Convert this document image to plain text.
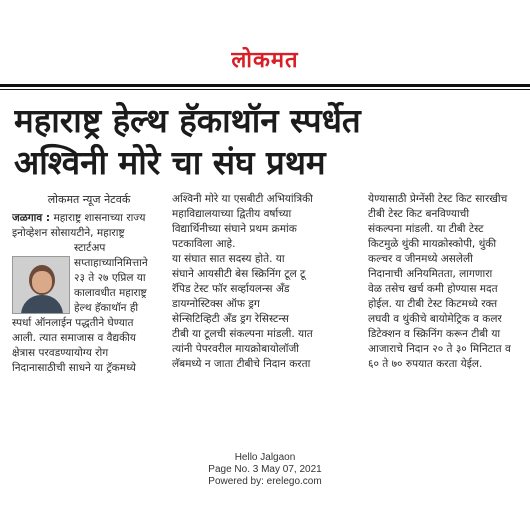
लोकमत
महाराष्ट्र हेल्थ हॅकाथॉन स्पर्धेत
अश्विनी मोरे चा संघ प्रथम
लोकमत न्यूज नेटवर्क

जळगाव : महाराष्ट्र शासनाच्या राज्य

इनोव्हेशन सोसायटीने, महाराष्ट्र

स्टार्टअप

सप्ताहाच्यानिमित्ताने

२३ ते २७ एप्रिल या

कालावधीत महाराष्ट्र

हेल्थ हॅकाथॉन ही

स्पर्धा ऑनलाईन पद्धतीने घेण्यात

आली. त्यात समाजास व वैद्यकीय

क्षेत्रास परवडण्यायोग्य रोग

निदानासाठीची साधने या ट्रॅकमध्ये

अश्विनी मोरे या एसबीटी अभियांत्रिकी

महाविद्यालयाच्या द्वितीय वर्षाच्या

विद्यार्थिनीच्या संघाने प्रथम क्रमांक

पटकाविला आहे.

या संघात सात सदस्य होते. या

संघाने आयसीटी बेस स्क्रिनिंग टूल टू

रॅपिड टेस्ट फॉर सर्व्हायलन्स अँड

डायग्नोस्टिक्स ऑफ ड्रग

सेन्सिटिव्हिटी अँड ड्रग रेसिस्टन्स

टीबी या टूलची संकल्पना मांडली. यात

त्यांनी पेपरवरील मायक्रोबायोलॉजी

लॅबमध्ये न जाता टीबीचे निदान करता

येण्यासाठी प्रेग्नेंसी टेस्ट किट सारखीच

टीबी टेस्ट किट बनविण्याची

संकल्पना मांडली. या टीबी टेस्ट

किटमुळे थुंकी मायक्रोस्कोपी, थुंकी

कल्चर व जीनमध्ये असलेली

निदानाची अनियमितता, लागणारा

वेळ तसेच खर्च कमी होण्यास मदत

होईल. या टीबी टेस्ट किटमध्ये रक्त

लघवी व थुंकीचे बायोमेट्रिक व कलर

डिटेक्शन व स्क्रिनिंग करून टीबी या

आजाराचे निदान २० ते ३० मिनिटात व

६० ते ७० रुपयात करता येईल.

Hello Jalgaon
Page No. 3 May 07, 2021
Powered by: erelego.com
